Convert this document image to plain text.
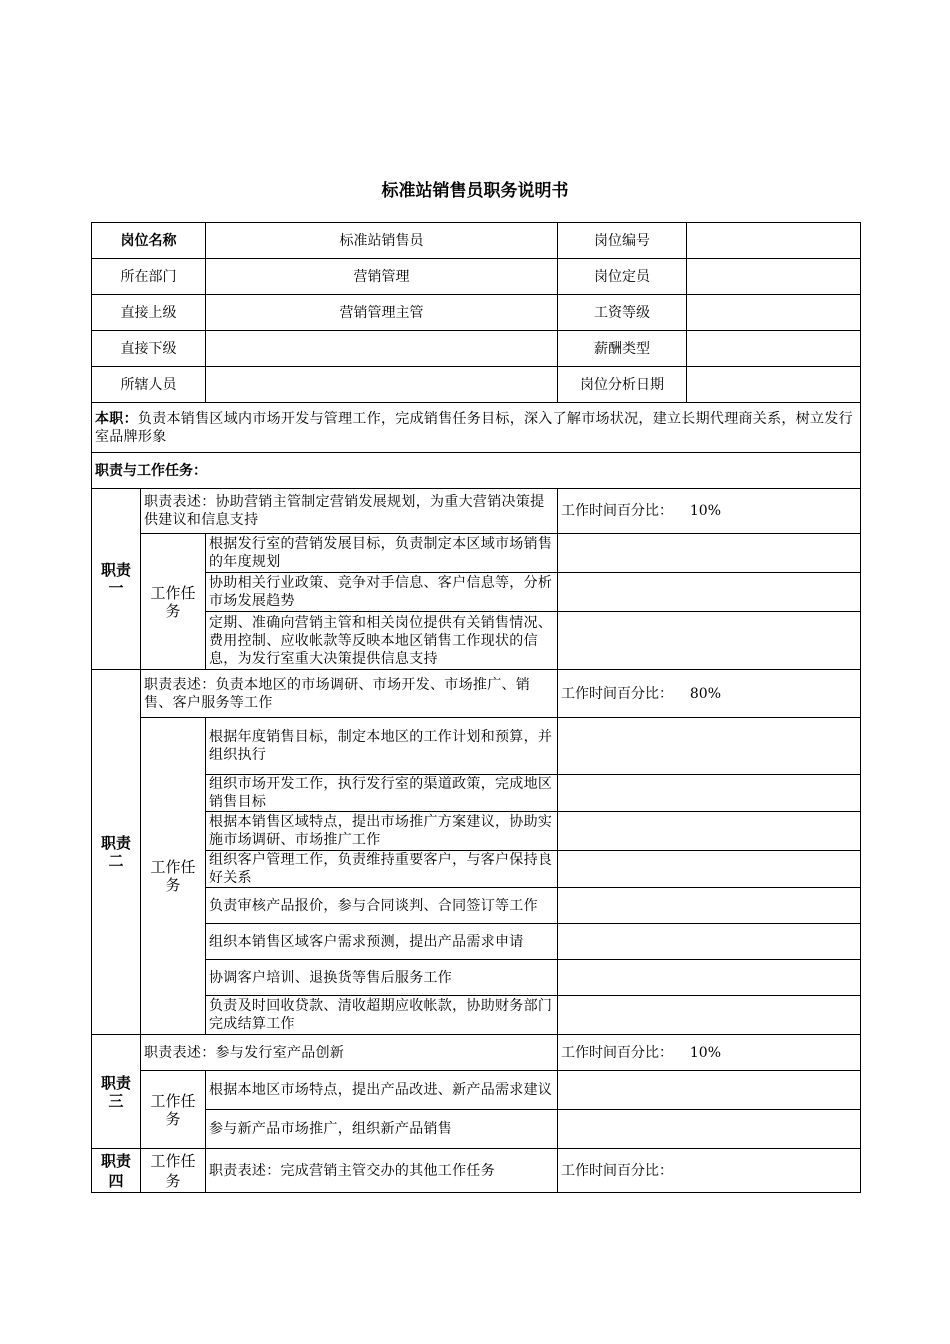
标准站销售员职务说明书
岗位名称		标准站销售员	岗位编号	
所在部门		营销管理	岗位定员	
直接上级		营销管理主管	工资等级	
直接下级			薪酬类型	
所辖人员			岗位分析日期	
本职：负责本销售区域内市场开发与管理工作，完成销售任务目标，深入了解市场状况，建立长期代理商关系，树立发行室品牌形象				
职责与工作任务：				
职责一	职责表述：协助营销主管制定营销发展规划，为重大营销决策提供建议和信息支持		工作时间百分比： 10%	

	工作任务	根据发行室的营销发展目标，负责制定本区域市场销售的年度规划		
		协助相关行业政策、竞争对手信息、客户信息等，分析市场发展趋势		
		定期、准确向营销主管和相关岗位提供有关销售情况、费用控制、应收帐款等反映本地区销售工作现状的信息，为发行室重大决策提供信息支持		
职责二	职责表述：负责本地区的市场调研、市场开发、市场推广、销售、客户服务等工作		工作时间百分比： 80%	

	工作任务	根据年度销售目标，制定本地区的工作计划和预算，并组织执行		
		组织市场开发工作，执行发行室的渠道政策，完成地区销售目标		
		根据本销售区域特点，提出市场推广方案建议，协助实施市场调研、市场推广工作		
		组织客户管理工作，负责维持重要客户，与客户保持良好关系		
		负责审核产品报价，参与合同谈判、合同签订等工作		
		组织本销售区域客户需求预测，提出产品需求申请		
		协调客户培训、退换货等售后服务工作		
		负责及时回收贷款、清收超期应收帐款，协助财务部门完成结算工作		
职责三	职责表述：参与发行室产品创新		工作时间百分比： 10%	

	工作任务	根据本地区市场特点，提出产品改进、新产品需求建议		
		参与新产品市场推广，组织新产品销售		
职责四	工作任务	职责表述：完成营销主管交办的其他工作任务	工作时间百分比：	
